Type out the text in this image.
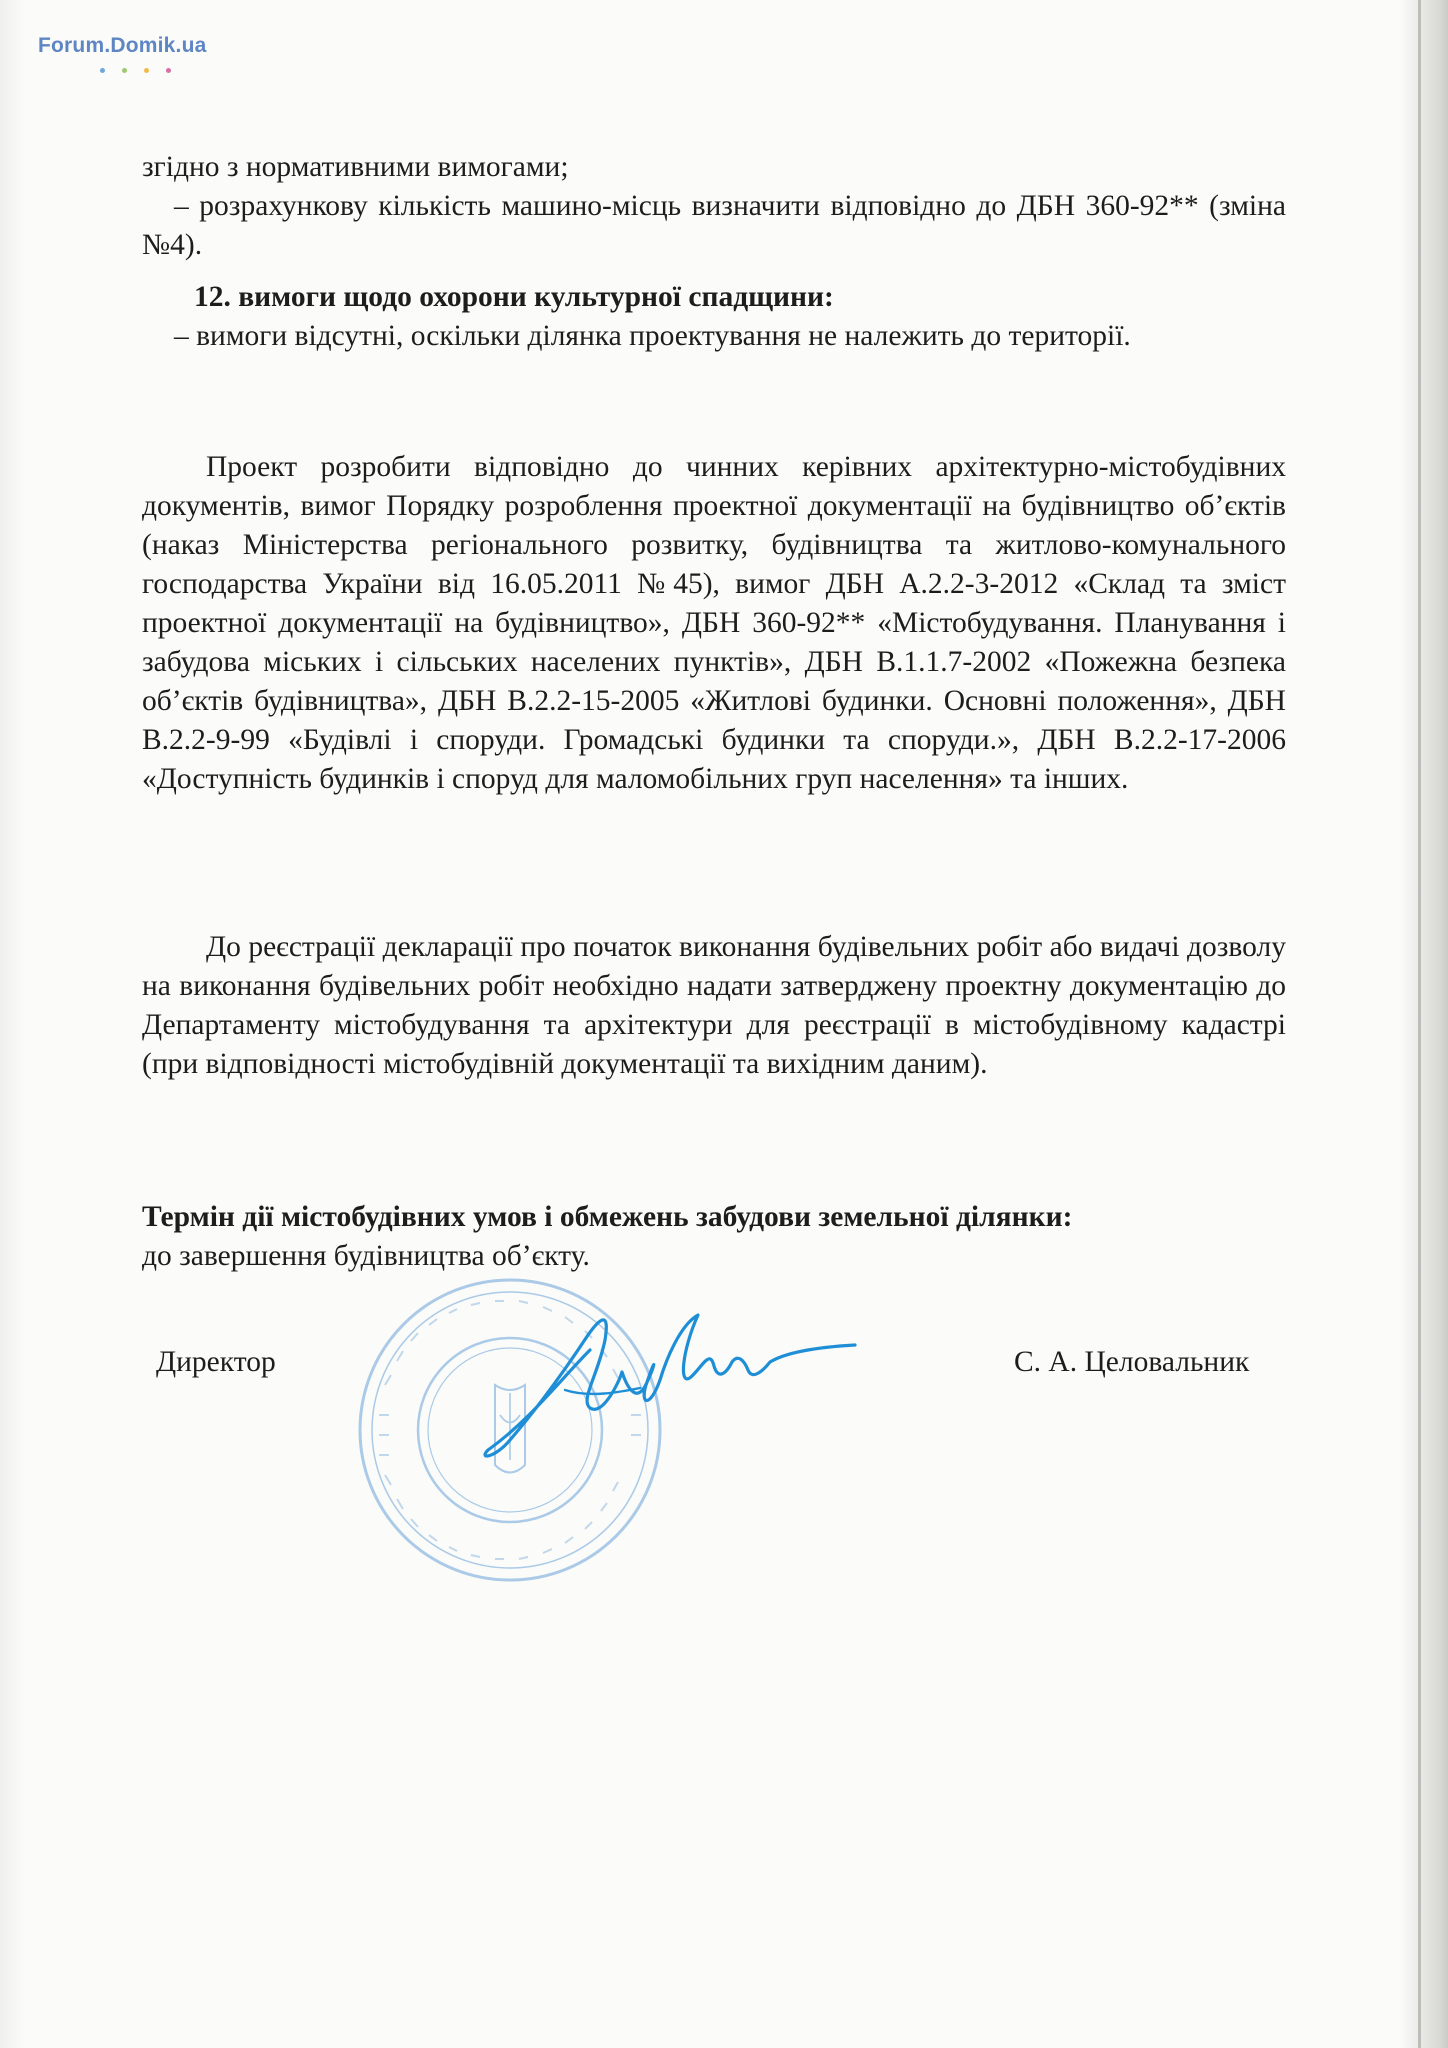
Forum.Domik.ua
згідно з нормативними вимогами;
– розрахункову кількість машино-місць визначити відповідно до ДБН 360-92** (зміна №4).
12. вимоги щодо охорони культурної спадщини:
– вимоги відсутні, оскільки ділянка проектування не належить до території.
Проект розробити відповідно до чинних керівних архітектурно-містобудівних документів, вимог Порядку розроблення проектної документації на будівництво об’єктів (наказ Міністерства регіонального розвитку, будівництва та житлово-комунального господарства України від 16.05.2011 №45), вимог ДБН А.2.2-3-2012 «Склад та зміст проектної документації на будівництво», ДБН 360-92** «Містобудування. Планування і забудова міських і сільських населених пунктів», ДБН В.1.1.7-2002 «Пожежна безпека об’єктів будівництва», ДБН В.2.2-15-2005 «Житлові будинки. Основні положення», ДБН В.2.2-9-99 «Будівлі і споруди. Громадські будинки та споруди.», ДБН В.2.2-17-2006 «Доступність будинків і споруд для маломобільних груп населення» та інших.
До реєстрації декларації про початок виконання будівельних робіт або видачі дозволу на виконання будівельних робіт необхідно надати затверджену проектну документацію до Департаменту містобудування та архітектури для реєстрації в містобудівному кадастрі (при відповідності містобудівній документації та вихідним даним).
Термін дії містобудівних умов і обмежень забудови земельної ділянки:
до завершення будівництва об’єкту.
Директор	С. А. Целовальник
